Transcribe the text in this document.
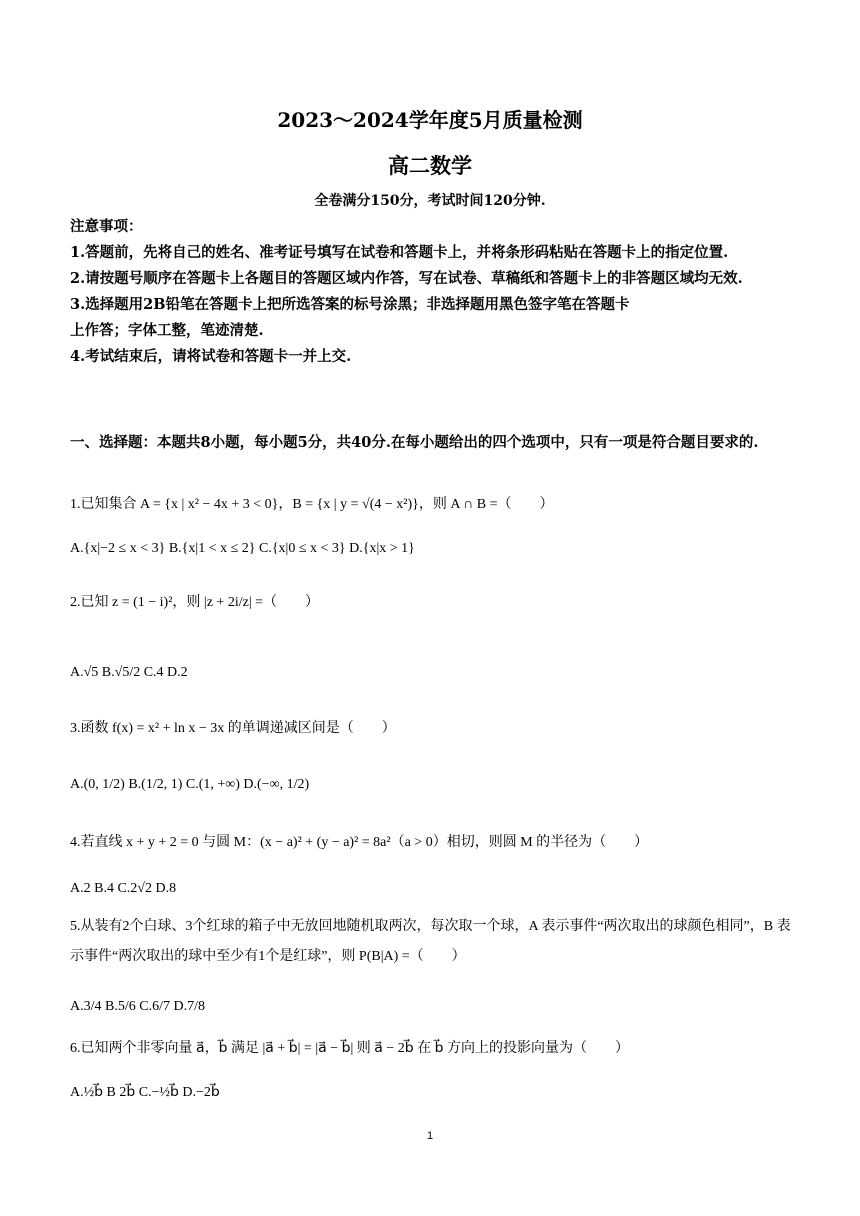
2023～2024学年度5月质量检测
高二数学
全卷满分150分，考试时间120分钟.

注意事项：

1.答题前，先将自己的姓名、准考证号填写在试卷和答题卡上，并将条形码粘贴在答题卡上的指定位置.

2.请按题号顺序在答题卡上各题目的答题区域内作答，写在试卷、草稿纸和答题卡上的非答题区域均无效.

3.选择题用2B铅笔在答题卡上把所选答案的标号涂黑；非选择题用黑色签字笔在答题卡

上作答；字体工整，笔迹清楚.

4.考试结束后，请将试卷和答题卡一并上交.

一、选择题：本题共8小题，每小题5分，共40分.在每小题给出的四个选项中，只有一项是符合题目要求的.
1.已知集合 A = {x | x² − 4x + 3 < 0}，B = {x | y = √(4 − x²)}，则 A ∩ B =（　　）
A.{x|−2 ≤ x < 3} B.{x|1 < x ≤ 2} C.{x|0 ≤ x < 3} D.{x|x > 1}
2.已知 z = (1 − i)²，则 |z + 2i/z| =（　　）
A.√5 B.√5/2 C.4 D.2
3.函数 f(x) = x² + ln x − 3x 的单调递减区间是（　　）
A.(0, 1/2) B.(1/2, 1) C.(1, +∞) D.(−∞, 1/2)
4.若直线 x + y + 2 = 0 与圆 M：(x − a)² + (y − a)² = 8a²（a > 0）相切，则圆 M 的半径为（　　）
A.2 B.4 C.2√2 D.8
5.从装有2个白球、3个红球的箱子中无放回地随机取两次，每次取一个球，A 表示事件“两次取出的球颜色相同”，B 表示事件“两次取出的球中至少有1个是红球”，则 P(B|A) =（　　）
A.3/4 B.5/6 C.6/7 D.7/8
6.已知两个非零向量 a⃗，b⃗ 满足 |a⃗ + b⃗| = |a⃗ − b⃗| 则 a⃗ − 2b⃗ 在 b⃗ 方向上的投影向量为（　　）
A.½b⃗ B 2b⃗ C.−½b⃗ D.−2b⃗
1
